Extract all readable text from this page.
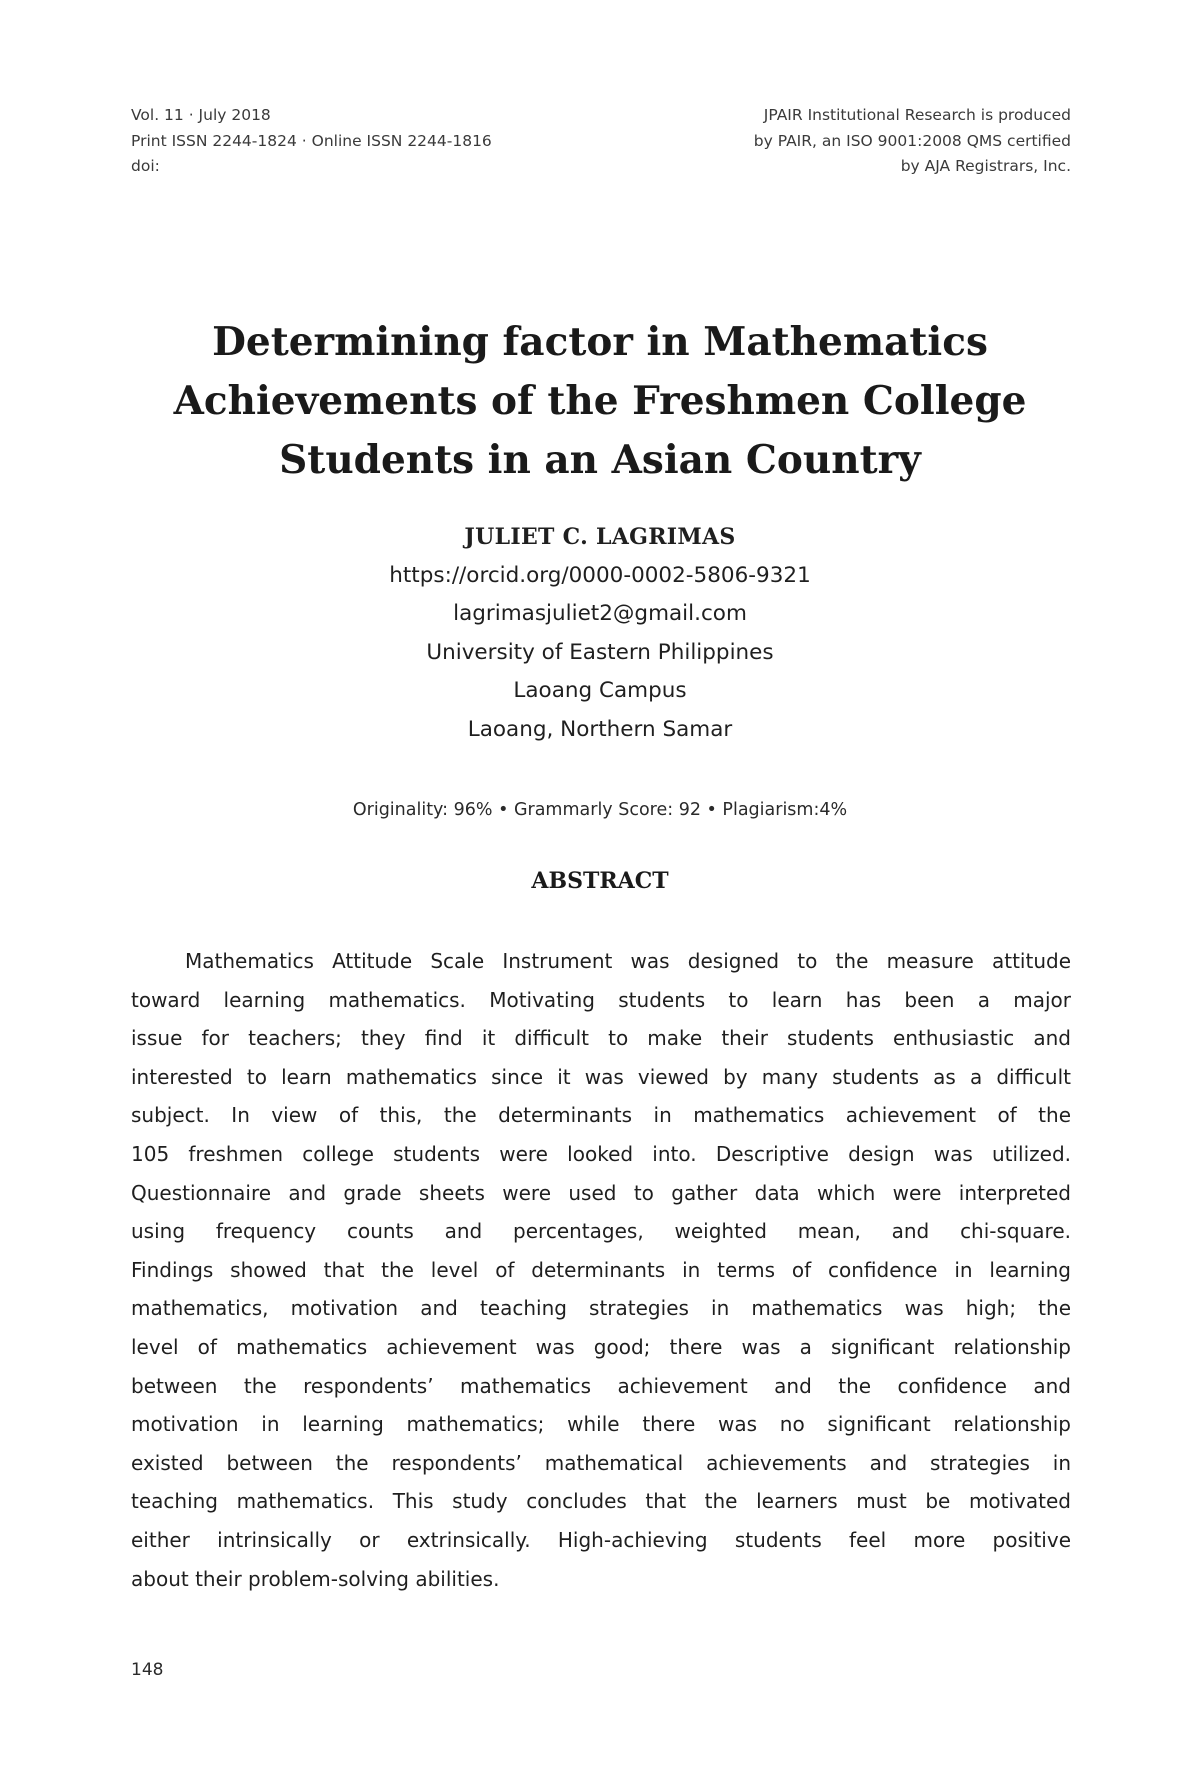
Vol. 11 · July 2018
Print ISSN 2244-1824 · Online ISSN 2244-1816
doi:
JPAIR Institutional Research is produced
by PAIR, an ISO 9001:2008 QMS certified
by AJA Registrars, Inc.
Determining factor in Mathematics
Achievements of the Freshmen College
Students in an Asian Country
JULIET C. LAGRIMAS
https://orcid.org/0000-0002-5806-9321
lagrimasjuliet2@gmail.com
University of Eastern Philippines
Laoang Campus
Laoang, Northern Samar
Originality: 96% • Grammarly Score: 92 • Plagiarism:4%
ABSTRACT
Mathematics Attitude Scale Instrument was designed to the measure attitude
toward learning mathematics. Motivating students to learn has been a major
issue for teachers; they find it difficult to make their students enthusiastic and
interested to learn mathematics since it was viewed by many students as a difficult
subject. In view of this, the determinants in mathematics achievement of the
105 freshmen college students were looked into. Descriptive design was utilized.
Questionnaire and grade sheets were used to gather data which were interpreted
using frequency counts and percentages, weighted mean, and chi-square.
Findings showed that the level of determinants in terms of confidence in learning
mathematics, motivation and teaching strategies in mathematics was high; the
level of mathematics achievement was good; there was a significant relationship
between the respondents’ mathematics achievement and the confidence and
motivation in learning mathematics; while there was no significant relationship
existed between the respondents’ mathematical achievements and strategies in
teaching mathematics. This study concludes that the learners must be motivated
either intrinsically or extrinsically. High-achieving students feel more positive
about their problem-solving abilities.
148
